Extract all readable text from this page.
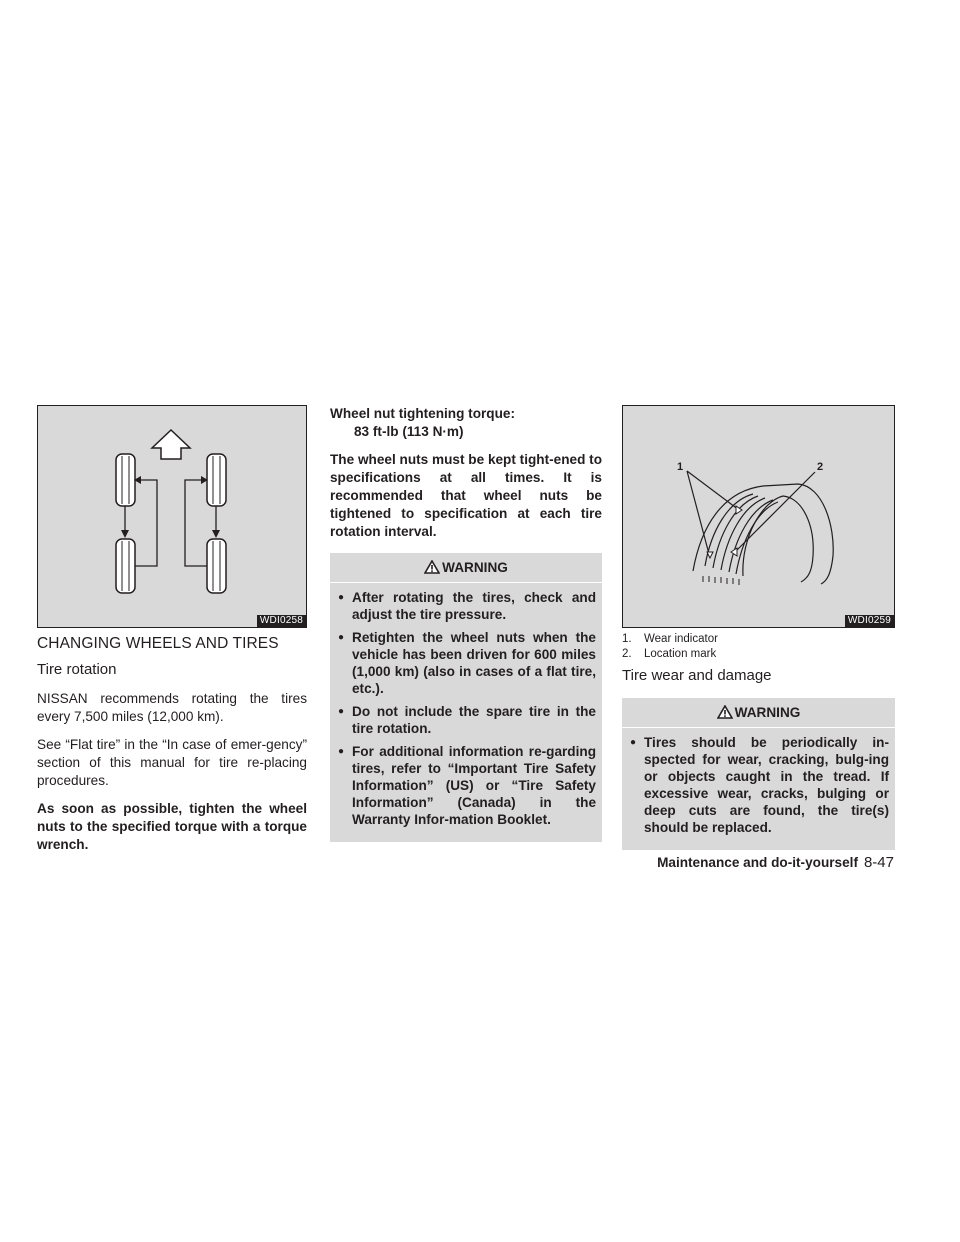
WDI0258
CHANGING WHEELS AND TIRES
Tire rotation

NISSAN recommends rotating the tires every 7,500 miles (12,000 km).

See “Flat tire” in the “In case of emer-gency” section of this manual for tire re-placing procedures.

As soon as possible, tighten the wheel nuts to the specified torque with a torque wrench.

Wheel nut tightening torque:
83 ft-lb (113 N·m)

The wheel nuts must be kept tight-ened to specifications at all times. It is recommended that wheel nuts be tightened to specification at each tire rotation interval.

WARNING
● After rotating the tires, check and adjust the tire pressure.
● Retighten the wheel nuts when the vehicle has been driven for 600 miles (1,000 km) (also in cases of a flat tire, etc.).
● Do not include the spare tire in the tire rotation.
● For additional information re-garding tires, refer to “Important Tire Safety Information” (US) or “Tire Safety Information” (Canada) in the Warranty Infor-mation Booklet.
1	2
WDI0259
1.	Wear indicator
2.	Location mark
Tire wear and damage
WARNING
● Tires should be periodically in-spected for wear, cracking, bulg-ing or objects caught in the tread. If excessive wear, cracks, bulging or deep cuts are found, the tire(s) should be replaced.
Maintenance and do-it-yourself 8-47
